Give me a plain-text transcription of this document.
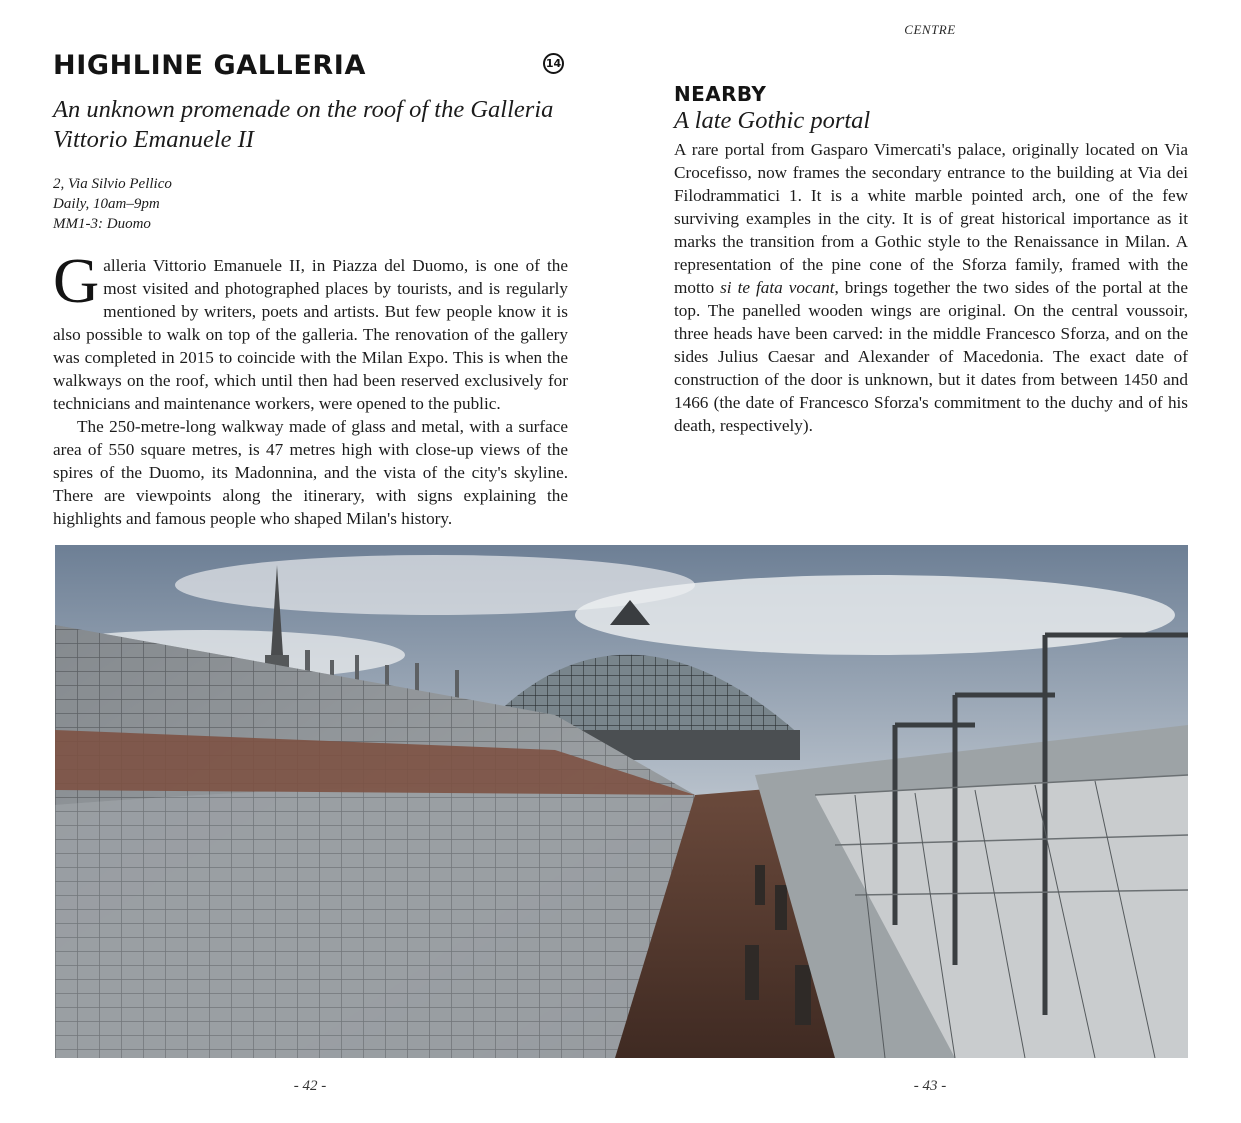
CENTRE
HIGHLINE GALLERIA	14
An unknown promenade on the roof of the Galleria Vittorio Emanuele II
2, Via Silvio Pellico
Daily, 10am–9pm
MM1-3: Duomo

Galleria Vittorio Emanuele II, in Piazza del Duomo, is one of the most visited and photographed places by tourists, and is regularly mentioned by writers, poets and artists. But few people know it is also possible to walk on top of the galleria. The renovation of the gallery was completed in 2015 to coincide with the Milan Expo. This is when the walkways on the roof, which until then had been reserved exclusively for technicians and maintenance workers, were opened to the public.

The 250-metre-long walkway made of glass and metal, with a surface area of 550 square metres, is 47 metres high with close-up views of the spires of the Duomo, its Madonnina, and the vista of the city's skyline. There are viewpoints along the itinerary, with signs explaining the highlights and famous people who shaped Milan's history.

NEARBY
A late Gothic portal

A rare portal from Gasparo Vimercati's palace, originally located on Via Crocefisso, now frames the secondary entrance to the building at Via dei Filodrammatici 1. It is a white marble pointed arch, one of the few surviving examples in the city. It is of great historical importance as it marks the transition from a Gothic style to the Renaissance in Milan. A representation of the pine cone of the Sforza family, framed with the motto si te fata vocant, brings together the two sides of the portal at the top. The panelled wooden wings are original. On the central voussoir, three heads have been carved: in the middle Francesco Sforza, and on the sides Julius Caesar and Alexander of Macedonia. The exact date of construction of the door is unknown, but it dates from between 1450 and 1466 (the date of Francesco Sforza's commitment to the duchy and of his death, respectively).

- 42 -	- 43 -
